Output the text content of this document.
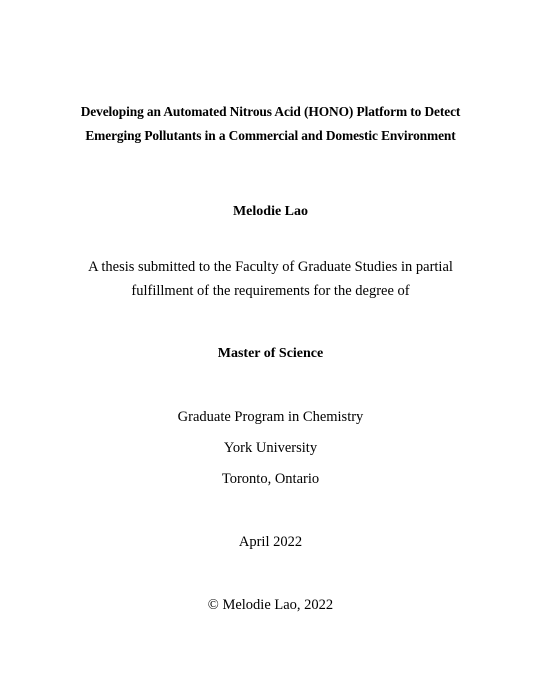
Developing an Automated Nitrous Acid (HONO) Platform to Detect
Emerging Pollutants in a Commercial and Domestic Environment
Melodie Lao
A thesis submitted to the Faculty of Graduate Studies in partial
fulfillment of the requirements for the degree of
Master of Science
Graduate Program in Chemistry
York University
Toronto, Ontario
April 2022
© Melodie Lao, 2022
